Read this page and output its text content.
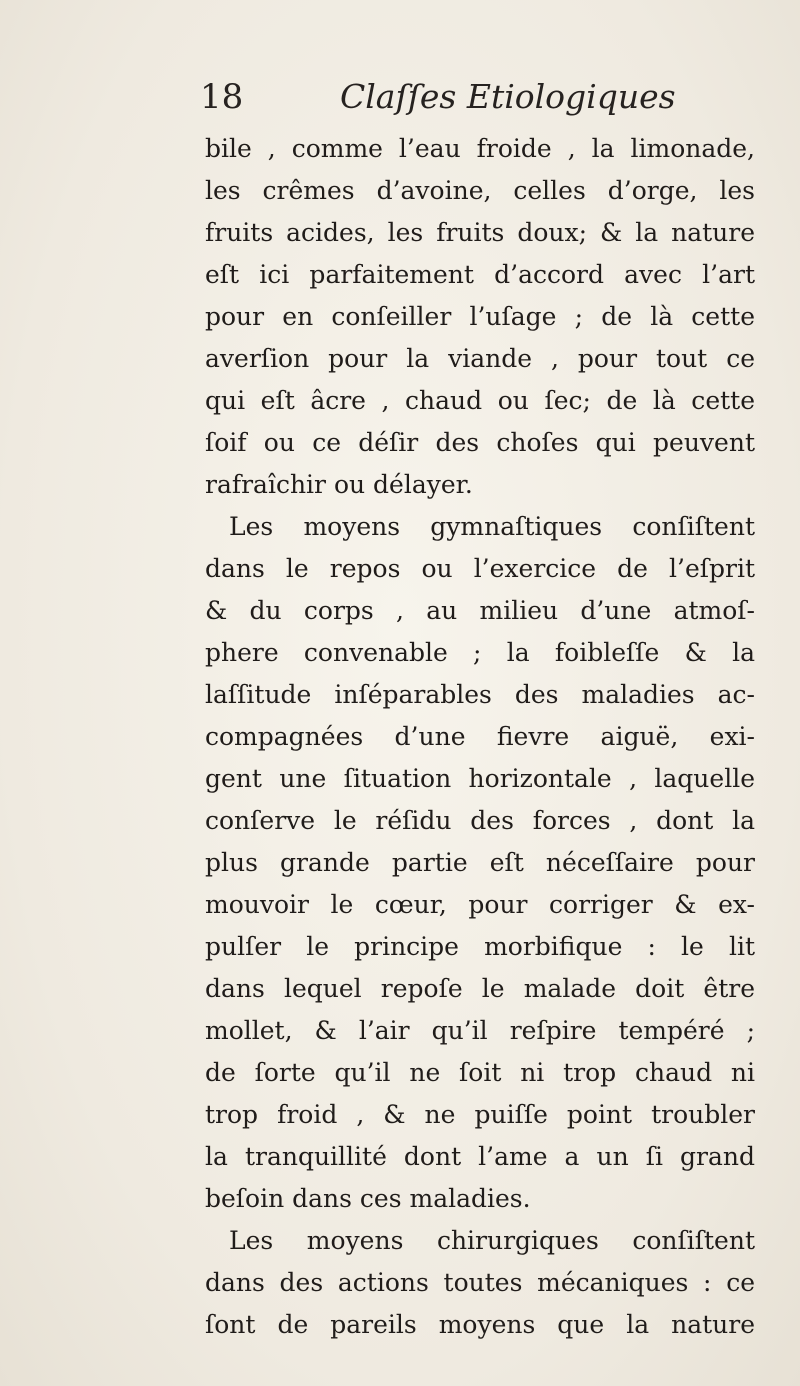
18	Claſſes Etiologiques
bile , comme l’eau froide , la limonade,
les crêmes d’avoine, celles d’orge, les
fruits acides, les fruits doux; & la nature
eſt ici parfaitement d’accord avec l’art
pour en conſeiller l’uſage ; de là cette
averſion pour la viande , pour tout ce
qui eſt âcre , chaud ou ſec; de là cette
ſoif ou ce déſir des choſes qui peuvent
rafraîchir ou délayer.
Les moyens gymnaſtiques conſiſtent
dans le repos ou l’exercice de l’eſprit
& du corps , au milieu d’une atmoſ-
phere convenable ; la foibleſſe & la
laſſitude inſéparables des maladies ac-
compagnées d’une fievre aiguë, exi-
gent une ſituation horizontale , laquelle
conſerve le réſidu des forces , dont la
plus grande partie eſt néceſſaire pour
mouvoir le cœur, pour corriger & ex-
pulſer le principe morbifique : le lit
dans lequel repoſe le malade doit être
mollet, & l’air qu’il reſpire tempéré ;
de ſorte qu’il ne ſoit ni trop chaud ni
trop froid , & ne puiſſe point troubler
la tranquillité dont l’ame a un ſi grand
beſoin dans ces maladies.
Les moyens chirurgiques conſiſtent
dans des actions toutes mécaniques : ce
ſont de pareils moyens que la nature
